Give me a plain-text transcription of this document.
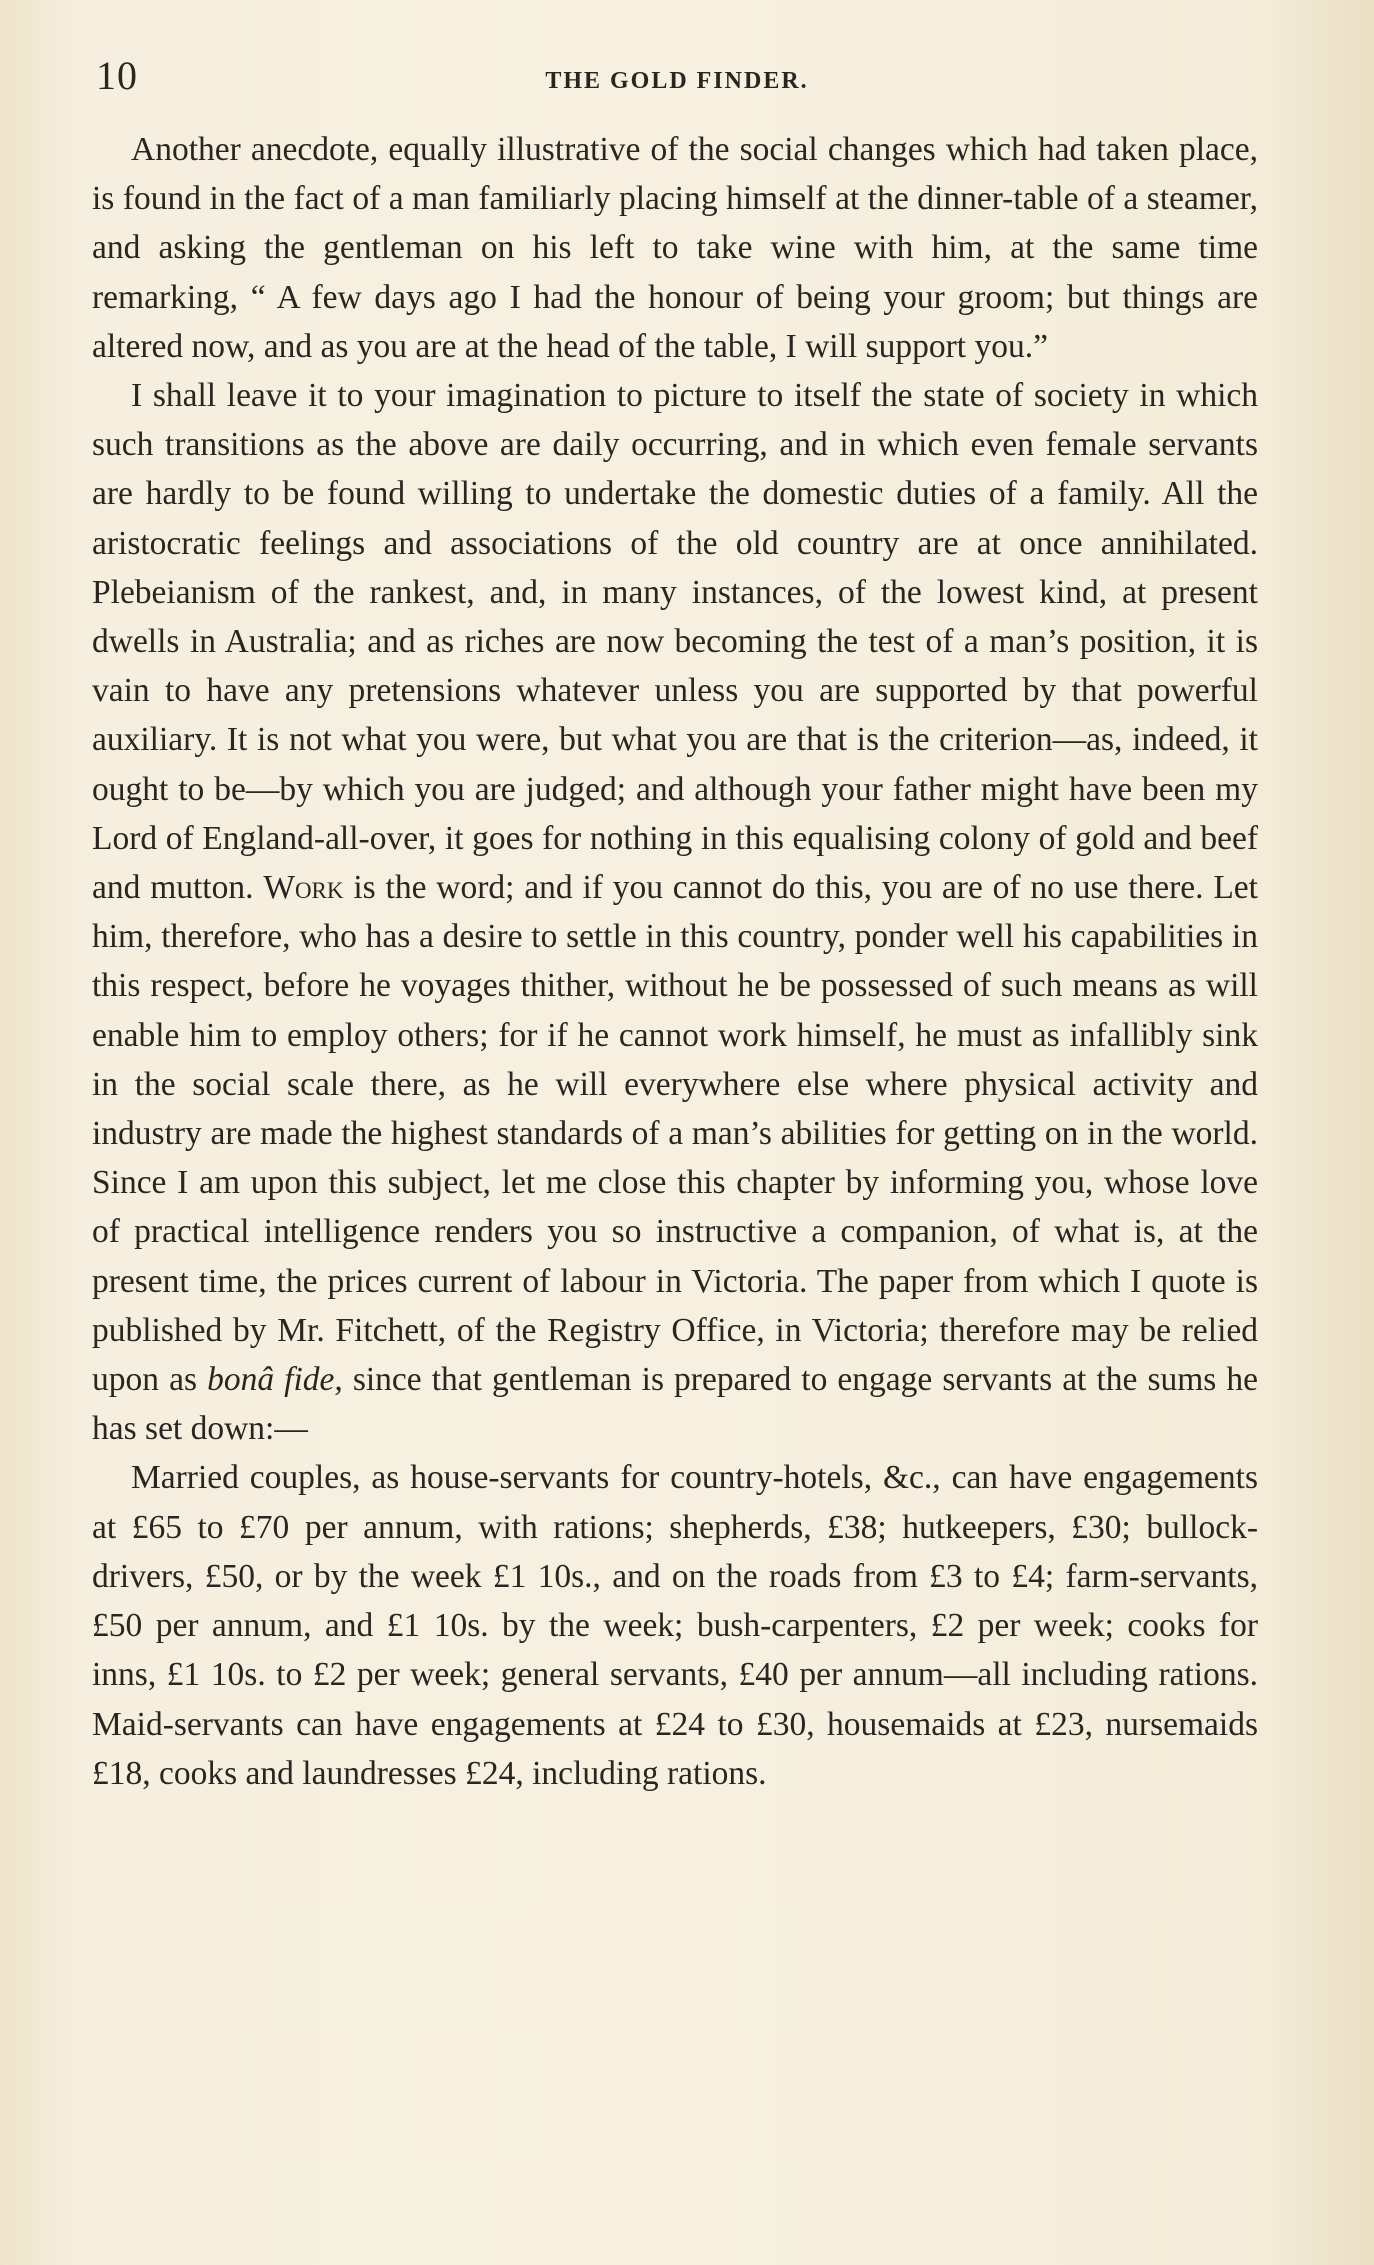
10	THE GOLD FINDER.

Another anecdote, equally illustrative of the social changes which had taken place, is found in the fact of a man familiarly placing himself at the dinner-table of a steamer, and asking the gentleman on his left to take wine with him, at the same time remarking, “ A few days ago I had the honour of being your groom; but things are altered now, and as you are at the head of the table, I will support you.”

I shall leave it to your imagination to picture to itself the state of society in which such transitions as the above are daily occurring, and in which even female servants are hardly to be found willing to undertake the domestic duties of a family. All the aristocratic feelings and associations of the old country are at once annihilated. Plebeianism of the rankest, and, in many instances, of the lowest kind, at present dwells in Australia; and as riches are now becoming the test of a man’s position, it is vain to have any pretensions whatever unless you are supported by that powerful auxiliary. It is not what you were, but what you are that is the criterion—as, indeed, it ought to be—by which you are judged; and although your father might have been my Lord of England-all-over, it goes for nothing in this equalising colony of gold and beef and mutton. Work is the word; and if you cannot do this, you are of no use there. Let him, therefore, who has a desire to settle in this country, ponder well his capabilities in this respect, before he voyages thither, without he be possessed of such means as will enable him to employ others; for if he cannot work himself, he must as infallibly sink in the social scale there, as he will everywhere else where physical activity and industry are made the highest standards of a man’s abilities for getting on in the world. Since I am upon this subject, let me close this chapter by informing you, whose love of practical intelligence renders you so instructive a companion, of what is, at the present time, the prices current of labour in Victoria. The paper from which I quote is published by Mr. Fitchett, of the Registry Office, in Victoria; therefore may be relied upon as bonâ fide, since that gentleman is prepared to engage servants at the sums he has set down:—

Married couples, as house-servants for country-hotels, &c., can have engagements at £65 to £70 per annum, with rations; shepherds, £38; hutkeepers, £30; bullock-drivers, £50, or by the week £1 10s., and on the roads from £3 to £4; farm-servants, £50 per annum, and £1 10s. by the week; bush-carpenters, £2 per week; cooks for inns, £1 10s. to £2 per week; general servants, £40 per annum—all including rations. Maid-servants can have engagements at £24 to £30, housemaids at £23, nursemaids £18, cooks and laundresses £24, including rations.
